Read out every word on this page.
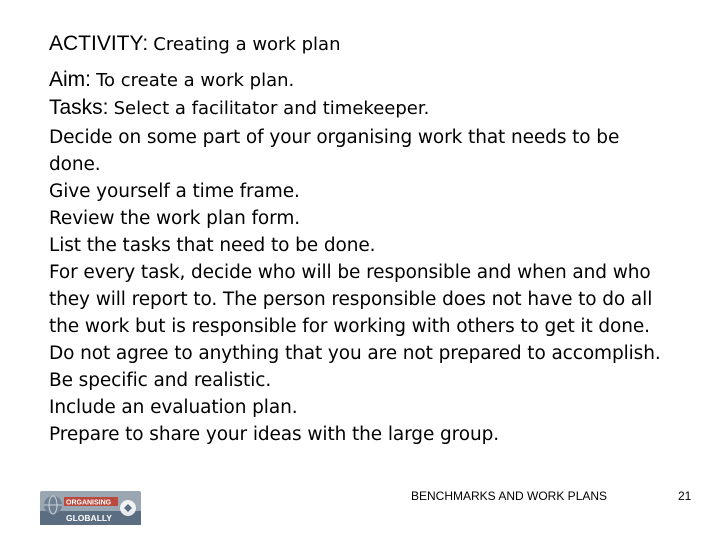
ACTIVITY: Creating a work plan
Aim: To create a work plan.
Tasks: Select a facilitator and timekeeper.
Decide on some part of your organising work that needs to be
done.
Give yourself a time frame.
Review the work plan form.
List the tasks that need to be done.
For every task, decide who will be responsible and when and who
they will report to. The person responsible does not have to do all
the work but is responsible for working with others to get it done.
Do not agree to anything that you are not prepared to accomplish.
Be specific and realistic.
Include an evaluation plan.
Prepare to share your ideas with the large group.
ORGANISING
GLOBALLY
BENCHMARKS AND WORK PLANS	21
